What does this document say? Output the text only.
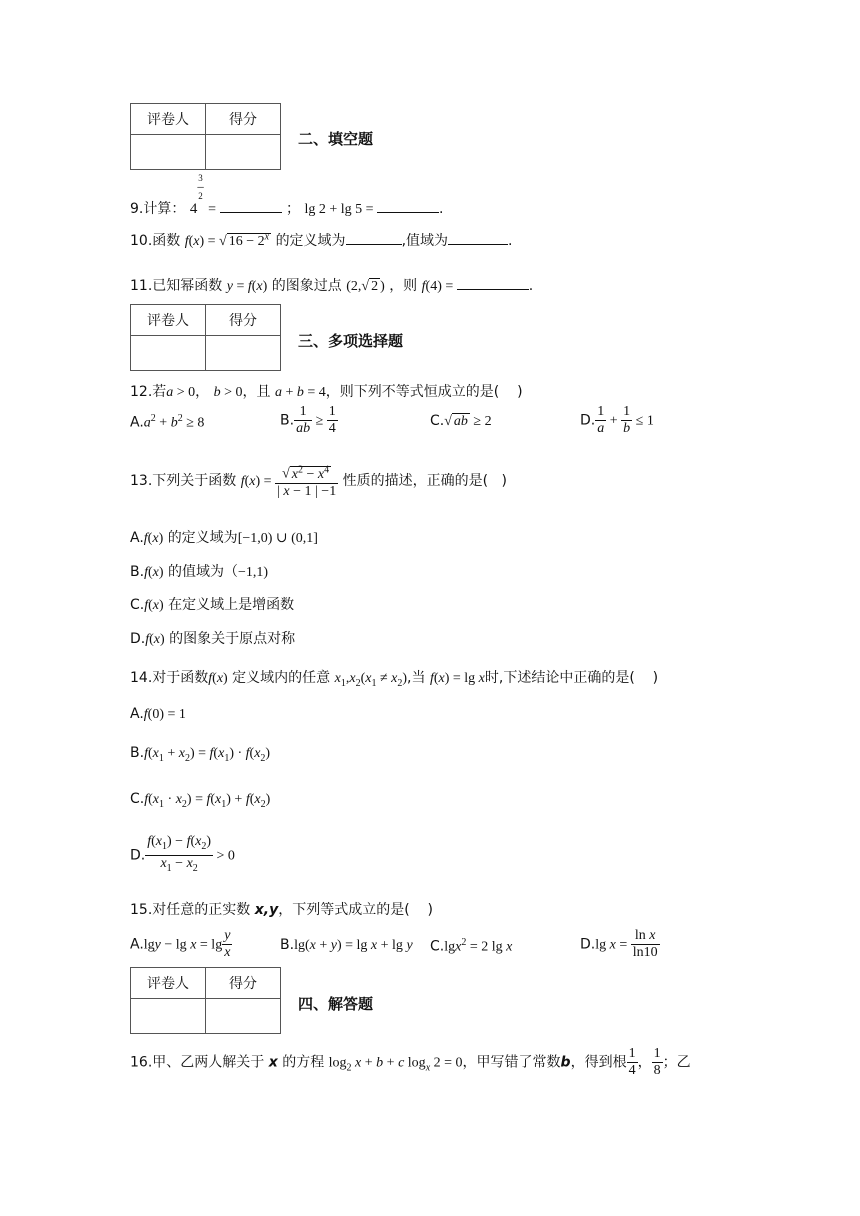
评卷人	得分

二、填空题
9.计算： 43
─
2 =	； lg 2 + lg 5 =	.
10.函数 f(x) = √ $16 - 2^x$ 的定义域为	,值域为	.
11.已知幂函数 y = f(x) 的图象过点 (2,√ 2 ) ，则 f(4) =	.
评卷人	得分

三、多项选择题
12.若a > 0， b > 0，且 a + b = 4，则下列不等式恒成立的是( )
$A.a^2 + b^2 \ge 8$	B. $\frac{1}{ab} \ge \frac{1}{4}$	C.√ ab ≥ 2	D. $\frac{1}{a} + \frac{1}{b} \le 1$
13.下列关于函数 $f(x) = \frac{√ x^2 - x^4}{| x - 1 | -1}$ 性质的描述，正确的是( )
A.f(x) 的定义域为[−1,0) ∪ (0,1]
B.f(x) 的值域为（−1,1)
C.f(x) 在定义域上是增函数
D.f(x) 的图象关于原点对称
14.对于函数f(x) 定义域内的任意 $x_1,x_2(x_1 \ne x_2)$,当 f(x) = lg x时,下述结论中正确的是( )
A.f(0) = 1
$B.f(x_1 + x_2) = f(x_1) \cdot f(x_2)$
$C.f(x_1 \cdot x_2) = f(x_1) + f(x_2)$
D. $\frac{f(x_1) - f(x_2)}{x_1 - x_2} > 0$
15.对任意的正实数 x,y，下列等式成立的是( )
$A.\lg y - \lg x = \lg \frac{y}{x}$	B.lg(x + y) = lg x + lg y C.lgx$^2$ = 2 lg x	D.lg $x = \frac{\text{ln x}}{\ln 10}$
评卷人	得分

四、解答题
16.甲、乙两人解关于 x 的方程 $\log_2 x + b + c$ $\log_x 2 = 0$，甲写错了常数b，得到根 $\frac{1}{4}$ ， $\frac{1}{8}$ ；乙
